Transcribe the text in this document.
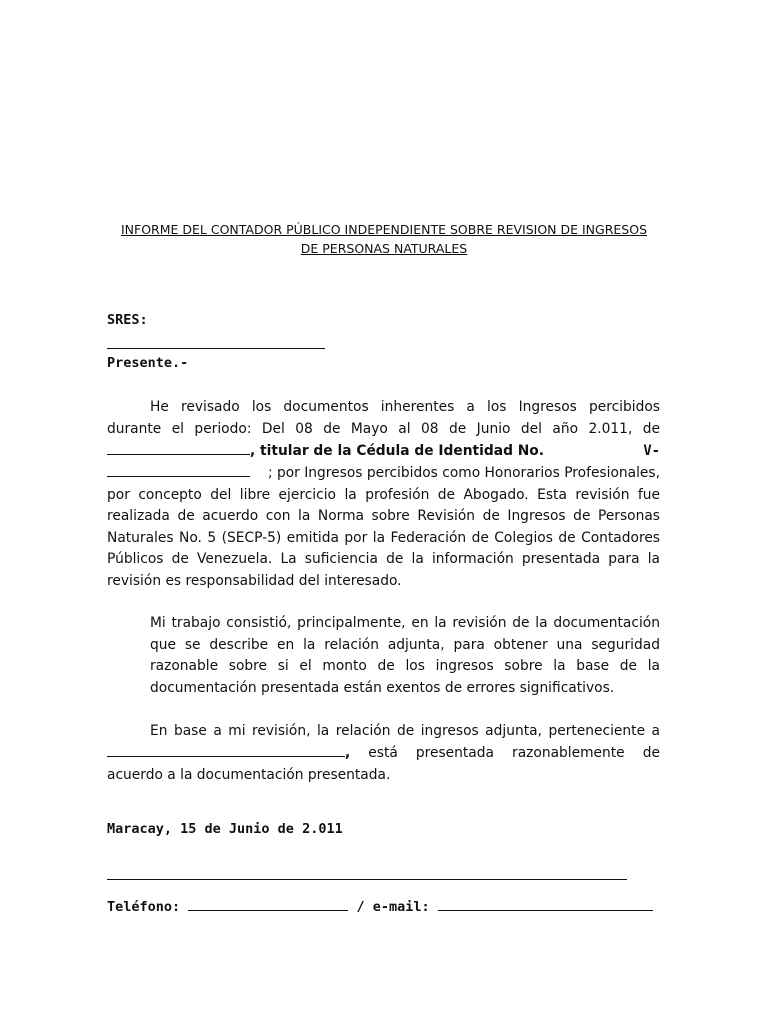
INFORME DEL CONTADOR PÚBLICO INDEPENDIENTE SOBRE REVISION DE INGRESOS
DE PERSONAS NATURALES
SRES:
Presente.-
He revisado los documentos inherentes a los Ingresos percibidos
durante el periodo: Del 08 de Mayo al 08 de Junio del año 2.011, de
, titular de la Cédula de Identidad No.	V-
; por Ingresos percibidos como Honorarios Profesionales,
por concepto del libre ejercicio la profesión de Abogado. Esta revisión fue realizada de acuerdo con la Norma sobre Revisión de Ingresos de Personas Naturales No. 5 (SECP-5) emitida por la Federación de Colegios de Contadores Públicos de Venezuela. La suficiencia de la información presentada para la revisión es responsabilidad del interesado.
Mi trabajo consistió, principalmente, en la revisión de la documentación que se describe en la relación adjunta, para obtener una seguridad razonable sobre si el monto de los ingresos sobre la base de la documentación presentada están exentos de errores significativos.
En base a mi revisión, la relación de ingresos adjunta, perteneciente a
, está presentada razonablemente de
acuerdo a la documentación presentada.
Maracay, 15 de Junio de 2.011
Teléfono:	/ e-mail:
